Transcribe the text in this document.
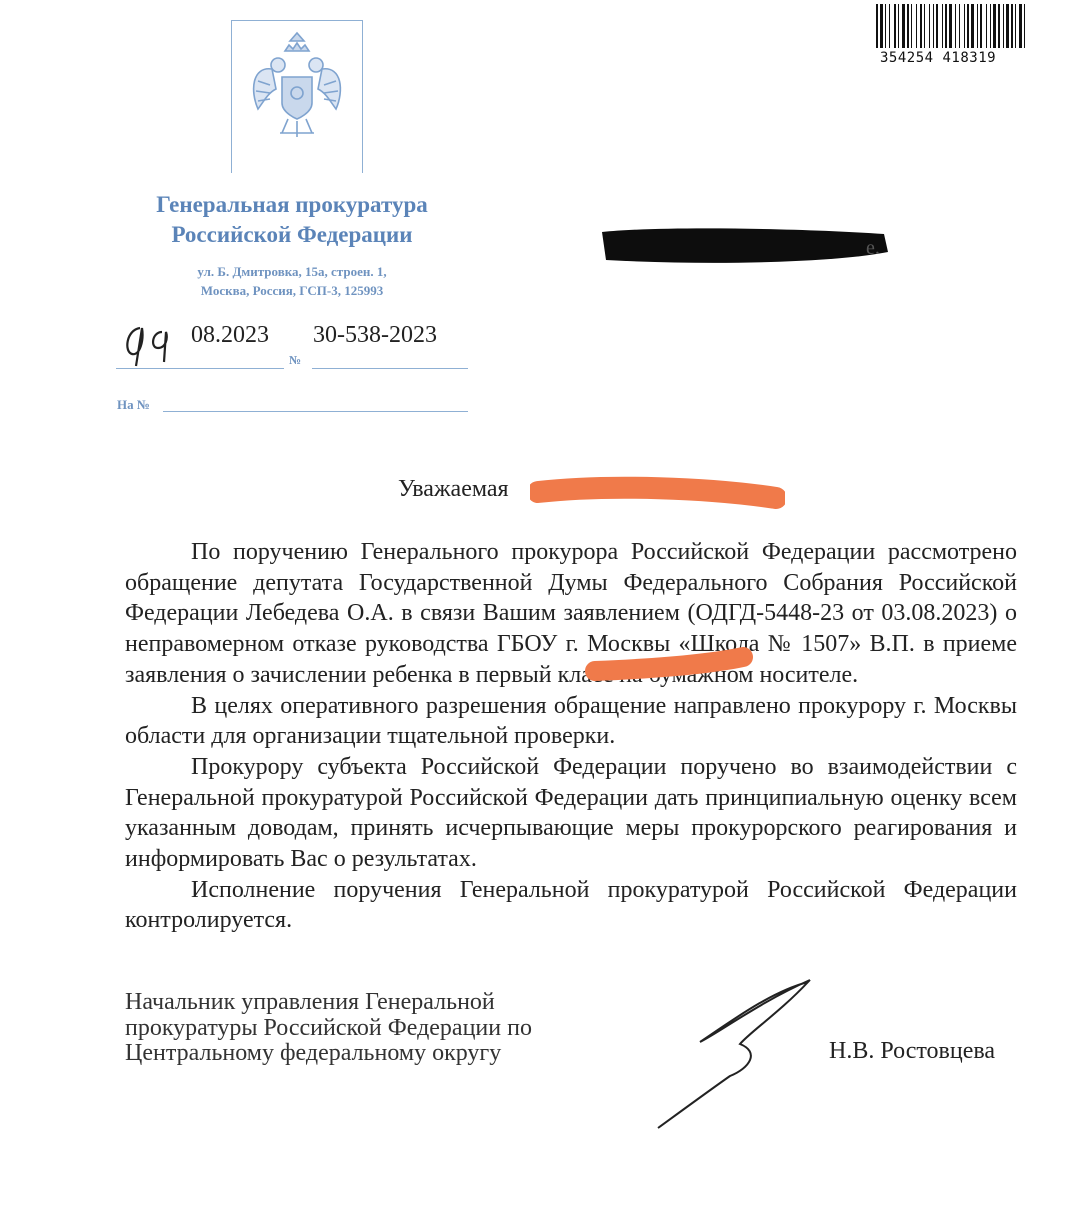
Генеральная прокуратура
Российской Федерации
ул. Б. Дмитровка, 15а, строен. 1,
Москва, Россия, ГСП-3, 125993
08.2023 30-538-2023
№
На №
354254 418319
е.
Уважаемая

По поручению Генерального прокурора Российской Федерации рассмотрено обращение депутата Государственной Думы Федерального Собрания Российской Федерации Лебедева О.А. в связи Вашим заявлением (ОДГД-5448-23 от 03.08.2023) о неправомерном отказе руководства ГБОУ г. Москвы «Школа № 1507» В.П. в приеме заявления о зачислении ребенка в первый класс на бумажном носителе.

В целях оперативного разрешения обращение направлено прокурору г. Москвы области для организации тщательной проверки.

Прокурору субъекта Российской Федерации поручено во взаимодействии с Генеральной прокуратурой Российской Федерации дать принципиальную оценку всем указанным доводам, принять исчерпывающие меры прокурорского реагирования и информировать Вас о результатах.

Исполнение поручения Генеральной прокуратурой Российской Федерации контролируется.

Начальник управления Генеральной
прокуратуры Российской Федерации по
Центральному федеральному округу	Н.В. Ростовцева
